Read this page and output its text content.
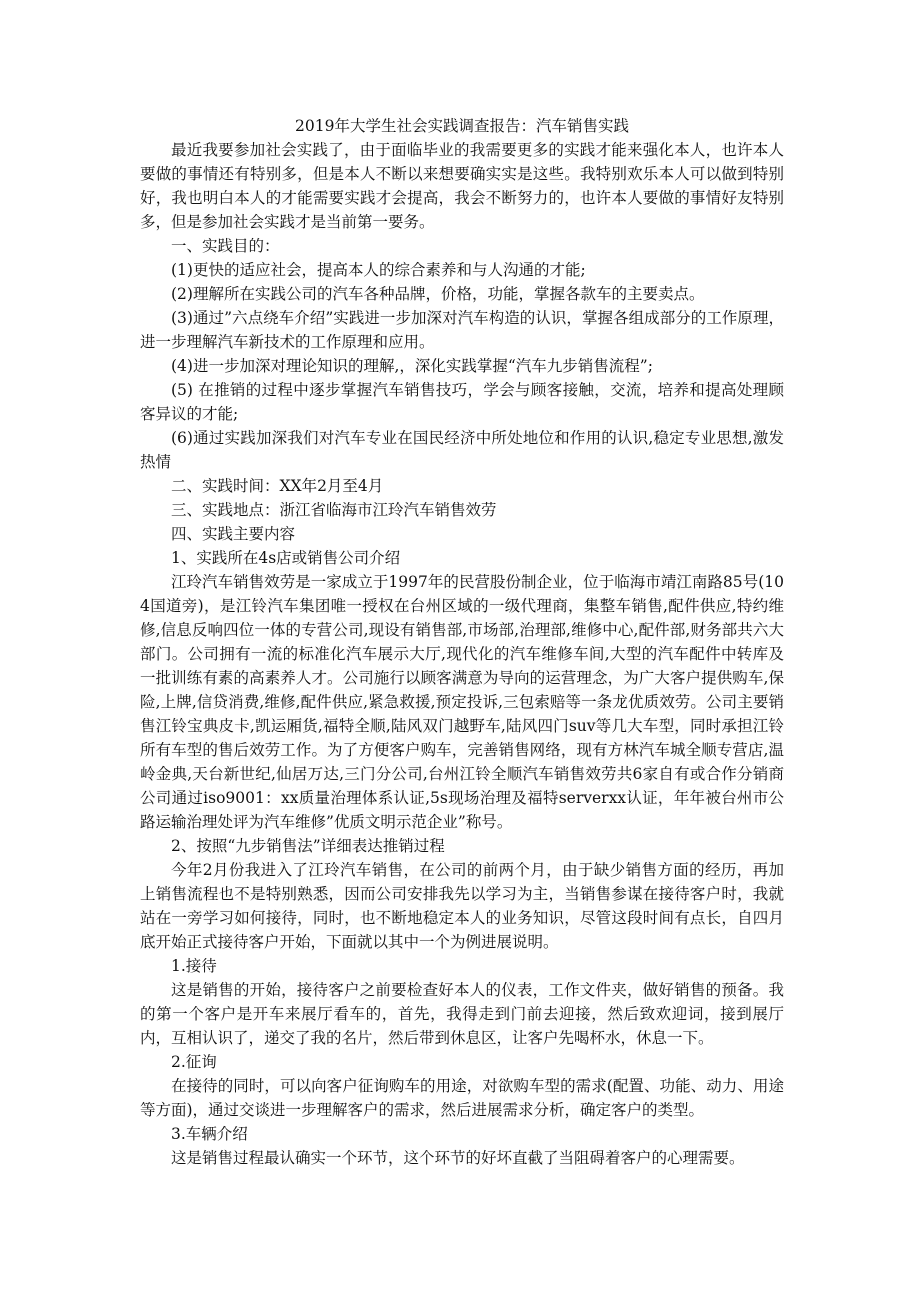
2019年大学生社会实践调查报告：汽车销售实践

最近我要参加社会实践了，由于面临毕业的我需要更多的实践才能来强化本人，也许本人要做的事情还有特别多，但是本人不断以来想要确实实是这些。我特别欢乐本人可以做到特别好，我也明白本人的才能需要实践才会提高，我会不断努力的，也许本人要做的事情好友特别多，但是参加社会实践才是当前第一要务。

一、实践目的：

(1)更快的适应社会，提高本人的综合素养和与人沟通的才能;

(2)理解所在实践公司的汽车各种品牌，价格，功能，掌握各款车的主要卖点。

(3)通过”六点绕车介绍”实践进一步加深对汽车构造的认识，掌握各组成部分的工作原理，进一步理解汽车新技术的工作原理和应用。

(4)进一步加深对理论知识的理解,，深化实践掌握“汽车九步销售流程”;

(5) 在推销的过程中逐步掌握汽车销售技巧，学会与顾客接触，交流，培养和提高处理顾客异议的才能;

(6)通过实践加深我们对汽车专业在国民经济中所处地位和作用的认识,稳定专业思想,激发热情

二、实践时间：XX年2月至4月

三、实践地点：浙江省临海市江玲汽车销售效劳

四、实践主要内容

1、实践所在4s店或销售公司介绍

江玲汽车销售效劳是一家成立于1997年的民营股份制企业，位于临海市靖江南路85号(104国道旁)，是江铃汽车集团唯一授权在台州区域的一级代理商，集整车销售,配件供应,特约维修,信息反响四位一体的专营公司,现设有销售部,市场部,治理部,维修中心,配件部,财务部共六大部门。公司拥有一流的标准化汽车展示大厅,现代化的汽车维修车间,大型的汽车配件中转库及一批训练有素的高素养人才。公司施行以顾客满意为导向的运营理念，为广大客户提供购车,保险,上牌,信贷消费,维修,配件供应,紧急救援,预定投诉,三包索赔等一条龙优质效劳。公司主要销售江铃宝典皮卡,凯运厢货,福特全顺,陆风双门越野车,陆风四门suv等几大车型，同时承担江铃所有车型的售后效劳工作。为了方便客户购车，完善销售网络，现有方林汽车城全顺专营店,温岭金典,天台新世纪,仙居万达,三门分公司,台州江铃全顺汽车销售效劳共6家自有或合作分销商公司通过iso9001：xx质量治理体系认证,5s现场治理及福特serverxx认证，年年被台州市公路运输治理处评为汽车维修”优质文明示范企业”称号。

2、按照“九步销售法”详细表达推销过程

今年2月份我进入了江玲汽车销售，在公司的前两个月，由于缺少销售方面的经历，再加上销售流程也不是特别熟悉，因而公司安排我先以学习为主，当销售参谋在接待客户时，我就站在一旁学习如何接待，同时，也不断地稳定本人的业务知识，尽管这段时间有点长，自四月底开始正式接待客户开始，下面就以其中一个为例进展说明。

1.接待

这是销售的开始，接待客户之前要检查好本人的仪表，工作文件夹，做好销售的预备。我的第一个客户是开车来展厅看车的，首先，我得走到门前去迎接，然后致欢迎词，接到展厅内，互相认识了，递交了我的名片，然后带到休息区，让客户先喝杯水，休息一下。

2.征询

在接待的同时，可以向客户征询购车的用途，对欲购车型的需求(配置、功能、动力、用途等方面)，通过交谈进一步理解客户的需求，然后进展需求分析，确定客户的类型。

3.车辆介绍

这是销售过程最认确实一个环节，这个环节的好坏直截了当阻碍着客户的心理需要。
